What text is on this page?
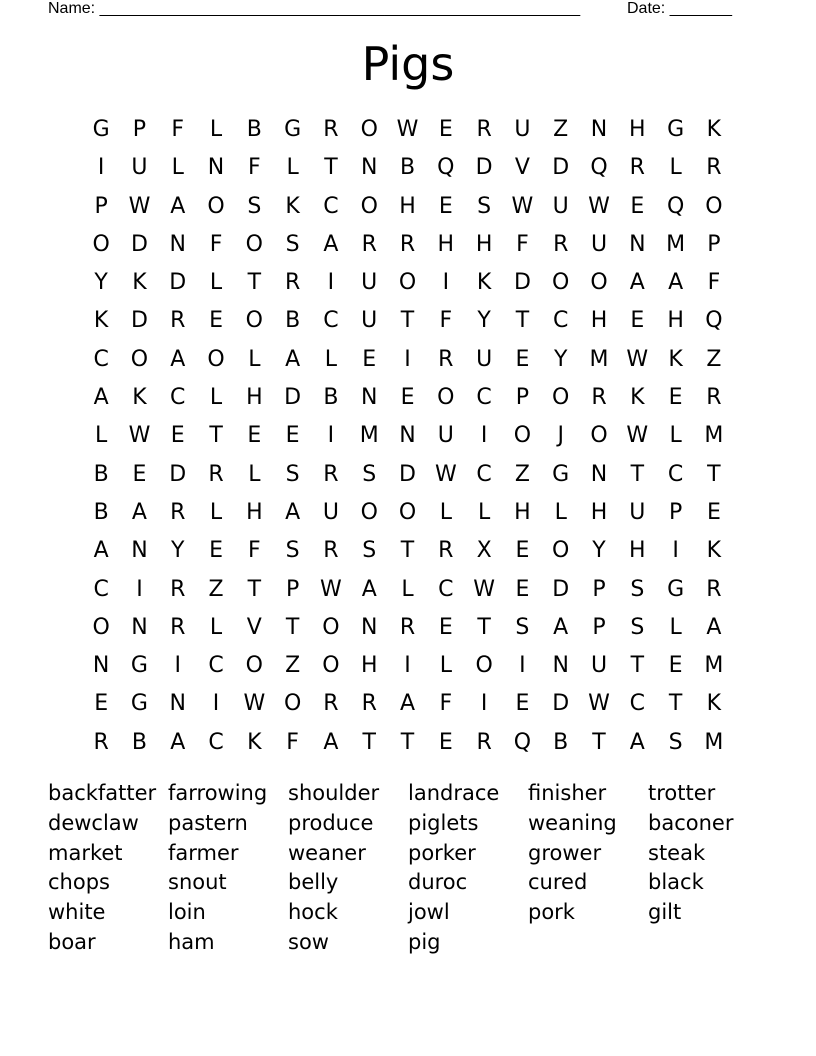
Name: ______________________________________________________	Date: _______
Pigs
G	P	F	L	B	G	R O W E	R	U	Z	N H G	K
I	U	L	N	F	L	T	N	B	Q D	V	D Q R	L	R
P W A	O	S	K	C O H	E	S W U W E	Q O
O D N	F	O	S	A	R	R	H H	F	R	U	N M	P
Y	K	D	L	T	R	I	U O	I	K	D O O	A	A	F
K	D	R	E	O	B	C	U	T	F	Y	T	C	H	E	H Q
C O	A	O	L	A	L	E	I	R	U	E	Y	M W K	Z
A	K	C	L	H D	B	N	E	O C	P	O R	K	E	R
L W E	T	E	E	I	M N	U	I	O	J	O W L	M
B	E	D	R	L	S	R	S	D W C	Z	G N	T	C	T
B	A	R	L	H	A	U O O	L	L	H	L	H U	P	E
A	N	Y	E	F	S	R	S	T	R	X	E	O	Y	H	I	K
C	I	R	Z	T	P W A	L	C W E	D	P	S	G	R
O N	R	L	V	T	O N	R	E	T	S	A	P	S	L	A
N G	I	C O	Z	O H	I	L	O	I	N	U	T	E M
E	G N	I	W O R	R	A	F	I	E	D W C	T	K
R	B	A	C	K	F	A	T	T	E	R Q	B	T	A	S M
backfatter farrowing shoulder	landrace	finisher	trotter
dewclaw	pastern	produce	piglets	weaning	baconer
market	farmer	weaner	porker	grower	steak
chops	snout	belly	duroc	cured	black
white	loin	hock	jowl	pork	gilt
boar	ham	sow	pig
